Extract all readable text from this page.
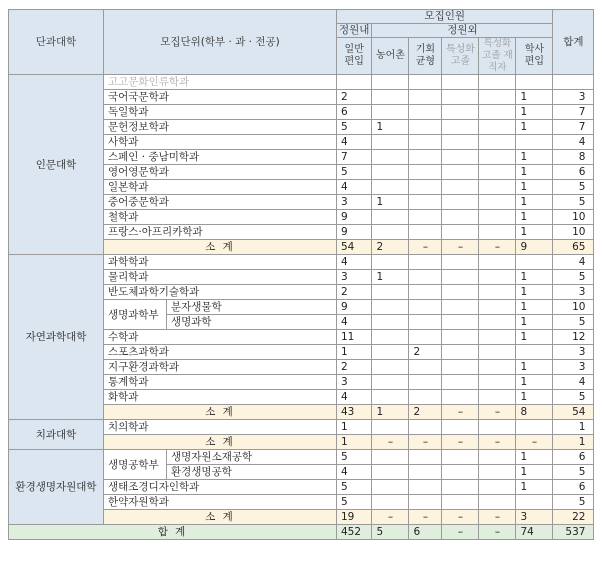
단과대학	모집단위(학부 · 과 · 전공)		모집인원						합계
			정원내	정원외					
			일반 편입	농어촌	기회 균형	특성화 고졸	특성화 고졸 재직자	학사 편입	

인문대학	고고문화인류학과								
	국어국문학과		2					1	3
	독일학과		6					1	7
	문헌정보학과		5	1				1	7
	사학과		4						4
	스페인 · 중남미학과		7					1	8
	영어영문학과		5					1	6
	일본학과		4					1	5
	중어중문학과		3	1				1	5
	철학과		9					1	10
	프랑스·아프리카학과		9					1	10
	소 계		54	2	–	–	–	9	65
자연과학대학	과학학과		4						4
	물리학과		3	1				1	5
	반도체과학기술학과		2					1	3
	생명과학부	분자생물학	9					1	10
		생명과학	4					1	5
	수학과		11					1	12
	스포츠과학과		1		2				3
	지구환경과학과		2					1	3
	통계학과		3					1	4
	화학과		4					1	5
	소 계		43	1	2	–	–	8	54
치과대학	치의학과		1						1
	소 계		1	–	–	–	–	–	1
환경생명자원대학	생명공학부	생명자원소재공학	5					1	6
		환경생명공학	4					1	5
	생태조경디자인학과		5					1	6
	한약자원학과		5						5
	소 계		19	–	–	–	–	3	22
합 계			452	5	6	–	–	74	537
